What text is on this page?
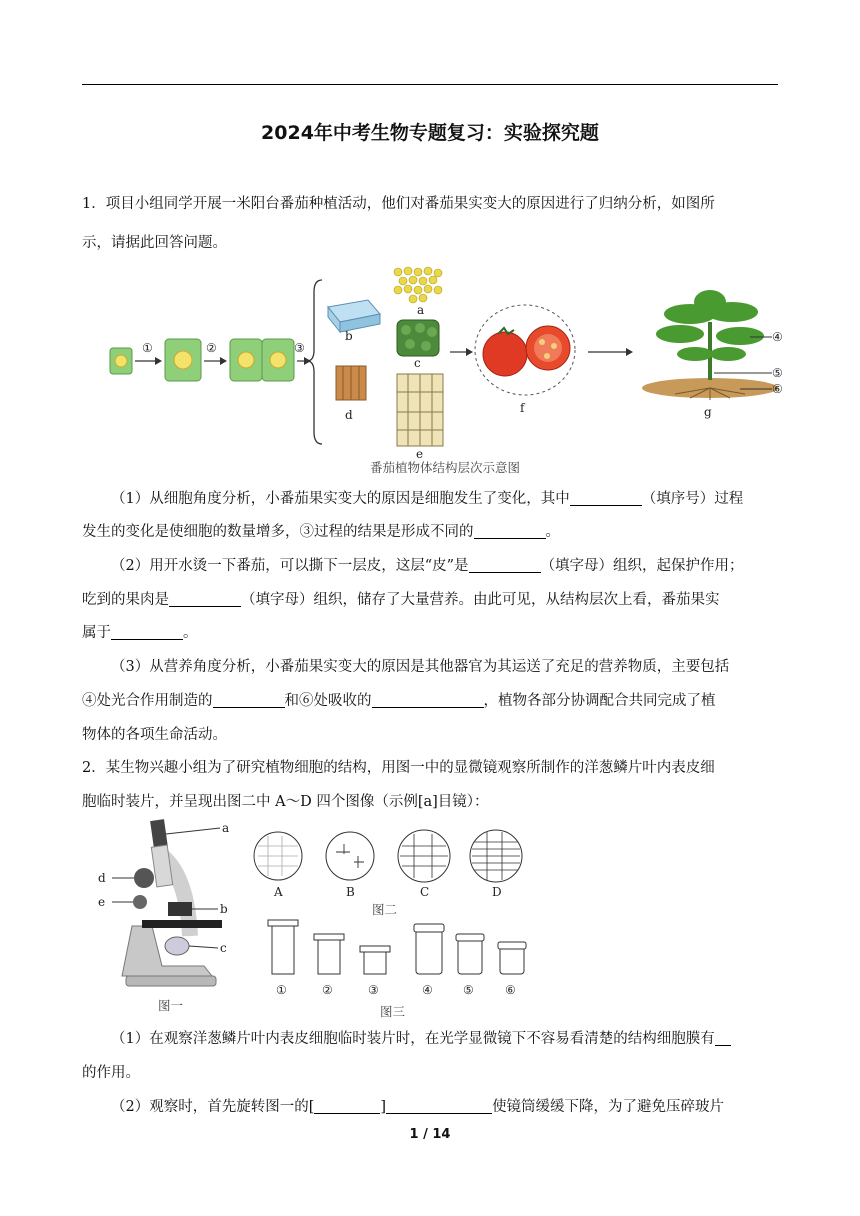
2024年中考生物专题复习：实验探究题
1．项目小组同学开展一米阳台番茄种植活动，他们对番茄果实变大的原因进行了归纳分析，如图所
示，请据此回答问题。
①	②	③
a
b
c
d
e
f
④
⑤
⑥
g
番茄植物体结构层次示意图
（1）从细胞角度分析，小番茄果实变大的原因是细胞发生了变化，其中	（填序号）过程
发生的变化是使细胞的数量增多，③过程的结果是形成不同的	。
（2）用开水烫一下番茄，可以撕下一层皮，这层“皮”是	（填字母）组织，起保护作用；
吃到的果肉是	（填字母）组织，储存了大量营养。由此可见，从结构层次上看，番茄果实
属于	。
（3）从营养角度分析，小番茄果实变大的原因是其他器官为其运送了充足的营养物质，主要包括
④处光合作用制造的	和⑥处吸收的	，植物各部分协调配合共同完成了植
物体的各项生命活动。
2．某生物兴趣小组为了研究植物细胞的结构，用图一中的显微镜观察所制作的洋葱鳞片叶内表皮细
胞临时装片，并呈现出图二中 A～D 四个图像（示例[a]目镜）：
a
d
e	b
c
图一
A	B	C	D
图二
①	②	③	④	⑤	⑥
图三
（1）在观察洋葱鳞片叶内表皮细胞临时装片时，在光学显微镜下不容易看清楚的结构细胞膜有
的作用。
（2）观察时，首先旋转图一的[	]	使镜筒缓缓下降，为了避免压碎玻片
1 / 14
